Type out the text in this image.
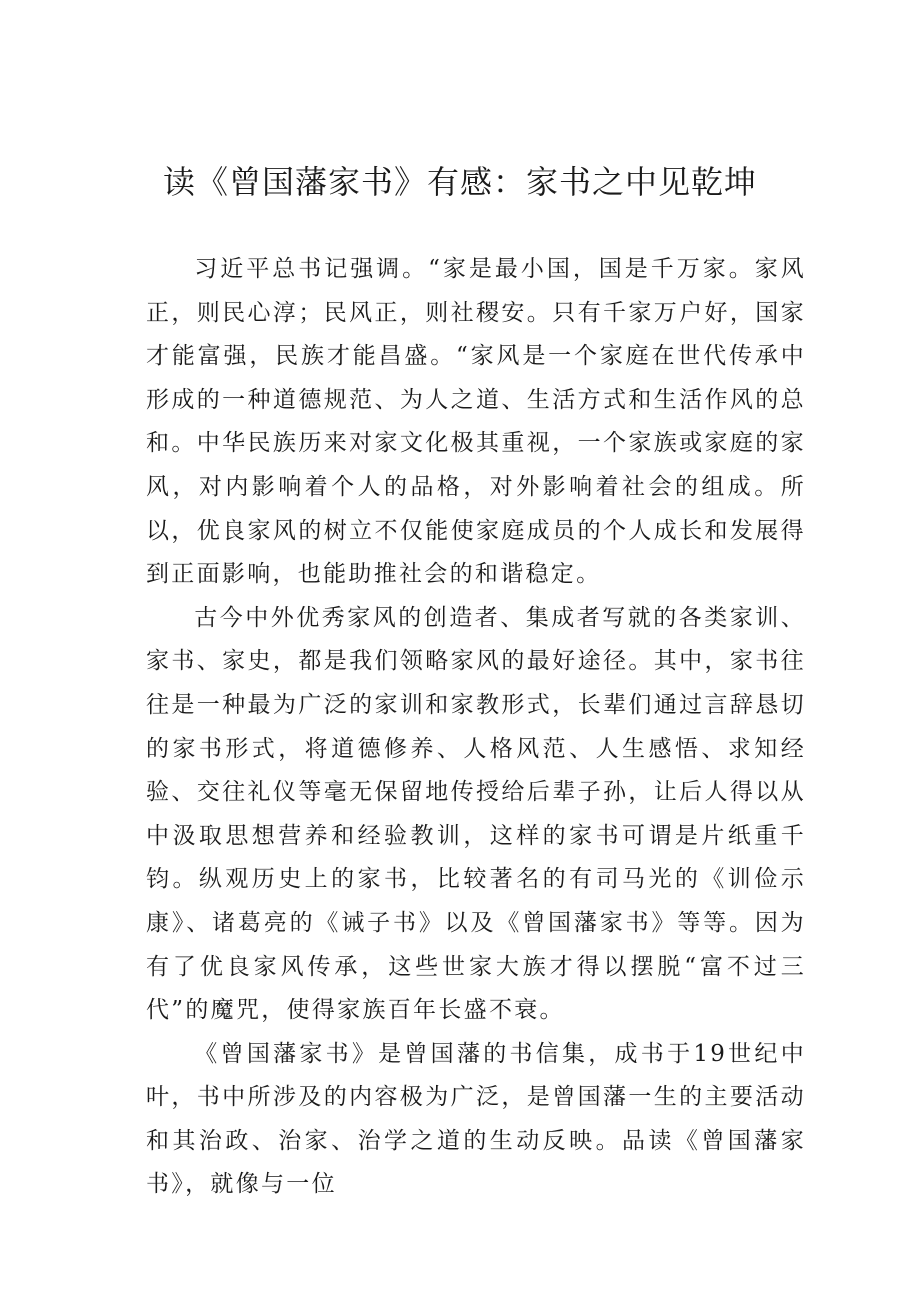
读《曾国藩家书》有感：家书之中见乾坤

习近平总书记强调。“家是最小国，国是千万家。家风正，则民心淳；民风正，则社稷安。只有千家万户好，国家才能富强，民族才能昌盛。“家风是一个家庭在世代传承中形成的一种道德规范、为人之道、生活方式和生活作风的总和。中华民族历来对家文化极其重视，一个家族或家庭的家风，对内影响着个人的品格，对外影响着社会的组成。所以，优良家风的树立不仅能使家庭成员的个人成长和发展得到正面影响，也能助推社会的和谐稳定。

古今中外优秀家风的创造者、集成者写就的各类家训、家书、家史，都是我们领略家风的最好途径。其中，家书往往是一种最为广泛的家训和家教形式，长辈们通过言辞恳切的家书形式，将道德修养、人格风范、人生感悟、求知经验、交往礼仪等毫无保留地传授给后辈子孙，让后人得以从中汲取思想营养和经验教训，这样的家书可谓是片纸重千钧。纵观历史上的家书，比较著名的有司马光的《训俭示康》、诸葛亮的《诫子书》以及《曾国藩家书》等等。因为有了优良家风传承，这些世家大族才得以摆脱“富不过三代”的魔咒，使得家族百年长盛不衰。

《曾国藩家书》是曾国藩的书信集，成书于19世纪中叶，书中所涉及的内容极为广泛，是曾国藩一生的主要活动和其治政、治家、治学之道的生动反映。品读《曾国藩家书》，就像与一位
